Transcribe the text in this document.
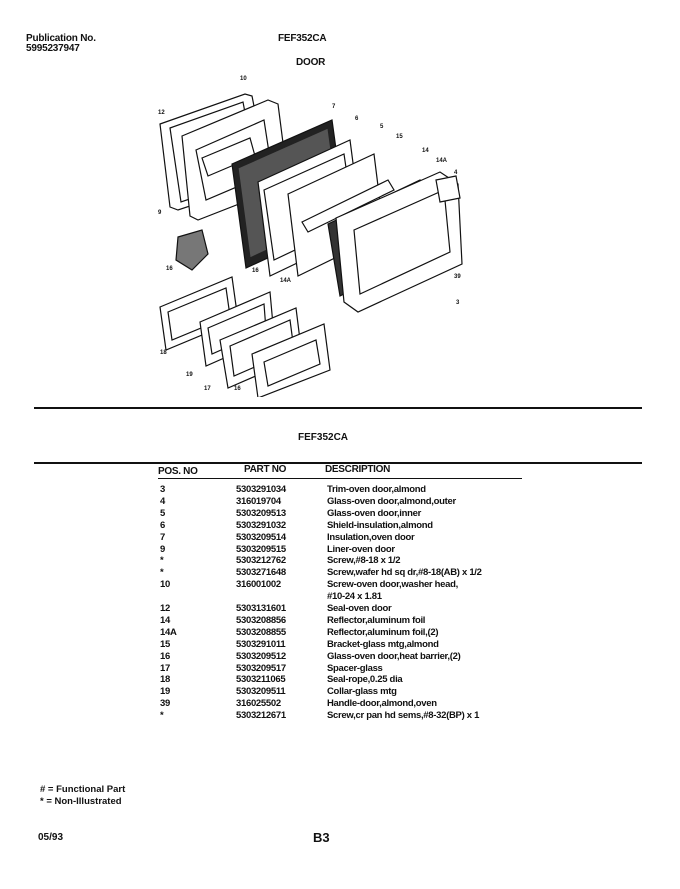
Publication No.
5995237947
FEF352CA
DOOR
10
12
7
6
5
15
14
14A
4
9
16	16
14A
39
3
18
19
17	16
FEF352CA
POS. NO	PART NO	DESCRIPTION
3	5303291034	Trim-oven door,almond
4	316019704	Glass-oven door,almond,outer
5	5303209513	Glass-oven door,inner
6	5303291032	Shield-insulation,almond
7	5303209514	Insulation,oven door
9	5303209515	Liner-oven door
*	5303212762	Screw,#8-18 x 1/2
*	5303271648	Screw,wafer hd sq dr,#8-18(AB) x 1/2
10	316001002	Screw-oven door,washer head,
#10-24 x 1.81
12	5303131601	Seal-oven door
14	5303208856	Reflector,aluminum foil
14A	5303208855	Reflector,aluminum foil,(2)
15	5303291011	Bracket-glass mtg,almond
16	5303209512	Glass-oven door,heat barrier,(2)
17	5303209517	Spacer-glass
18	5303211065	Seal-rope,0.25 dia
19	5303209511	Collar-glass mtg
39	316025502	Handle-door,almond,oven
*	5303212671	Screw,cr pan hd sems,#8-32(BP) x 1
# = Functional Part
* = Non-Illustrated
05/93	B3
